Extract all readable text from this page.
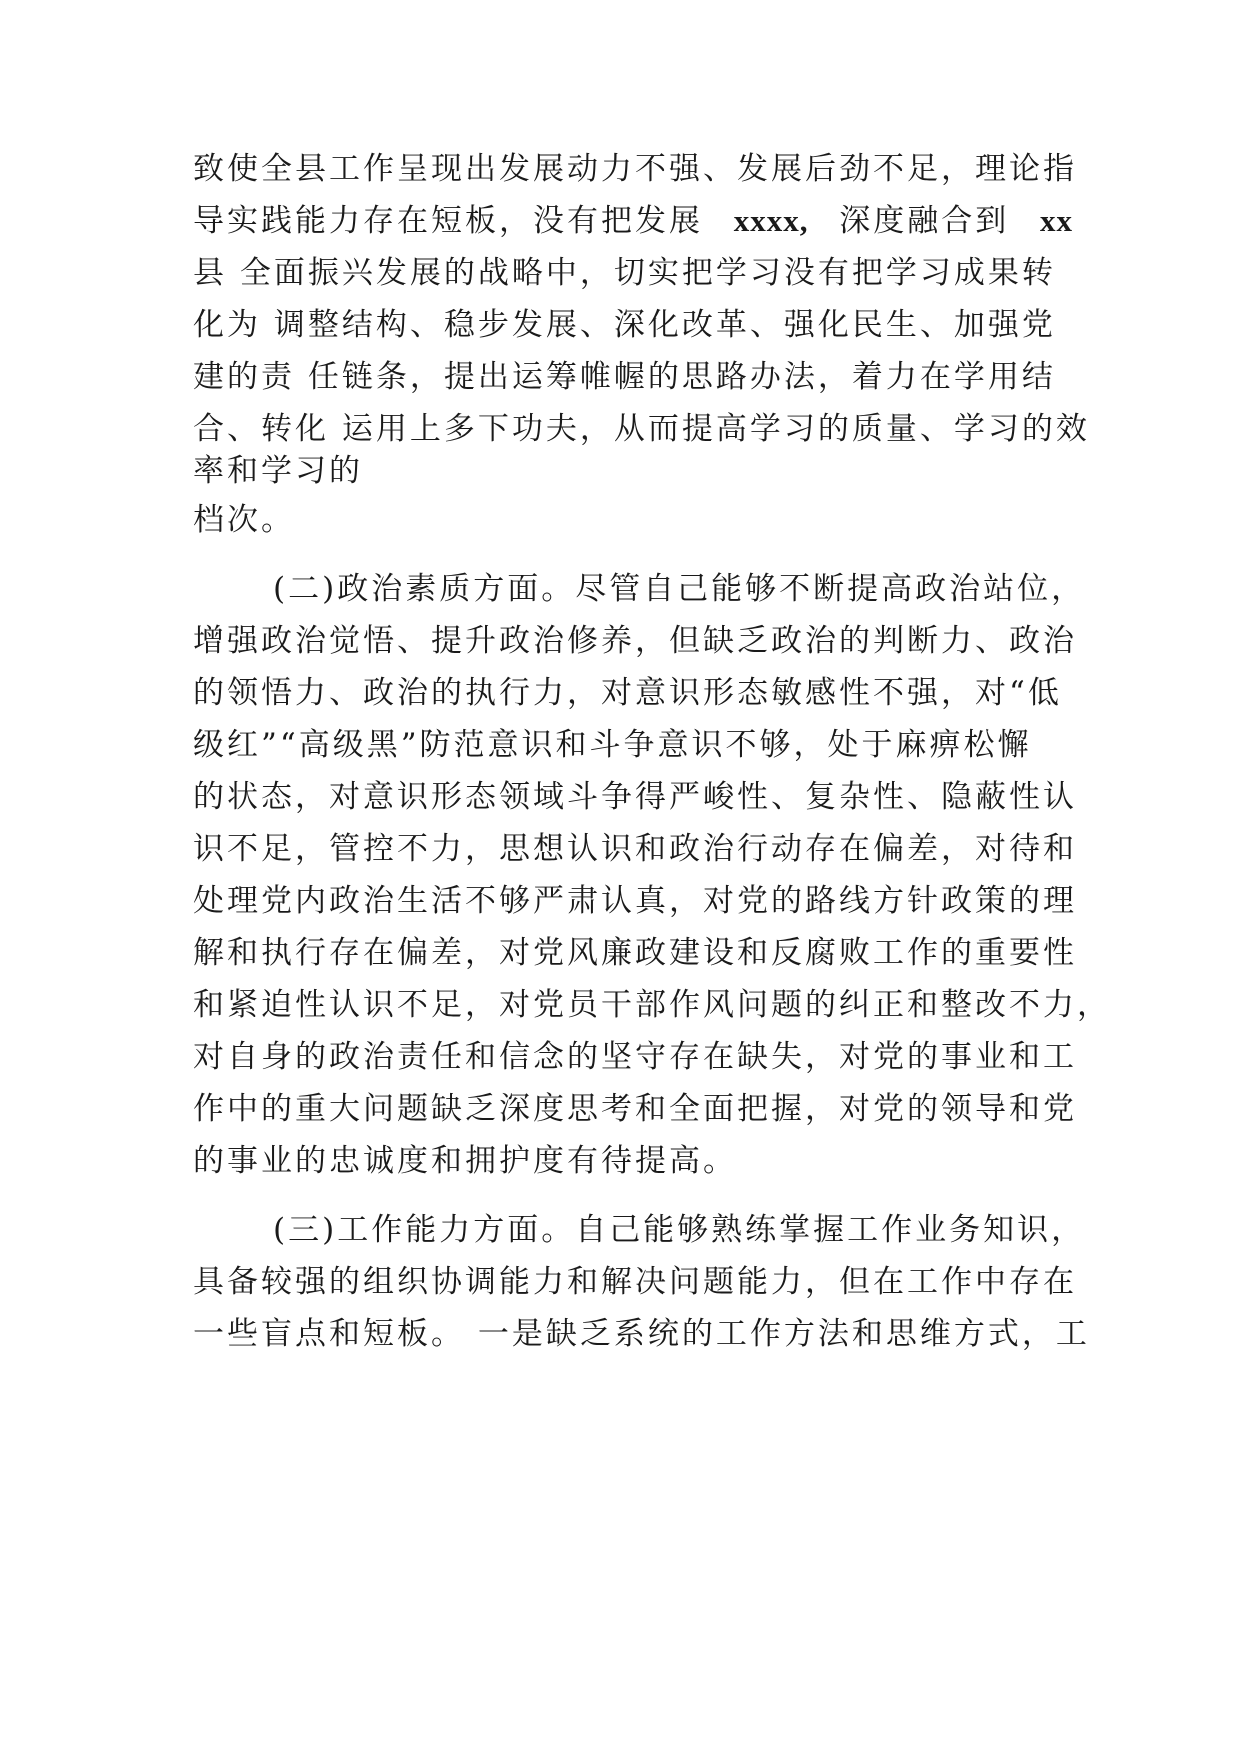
致使全县工作呈现出发展动力不强、发展后劲不足，理论指
导实践能力存在短板，没有把发展 xxxx, 深度融合到 xx
县 全面振兴发展的战略中，切实把学习没有把学习成果转
化为 调整结构、稳步发展、深化改革、强化民生、加强党
建的责 任链条，提出运筹帷幄的思路办法，着力在学用结
合、转化 运用上多下功夫，从而提高学习的质量、学习的效
率和学习的
档次。
(二)政治素质方面。尽管自己能够不断提高政治站位，
增强政治觉悟、提升政治修养，但缺乏政治的判断力、政治
的领悟力、政治的执行力，对意识形态敏感性不强，对“低
级红”“高级黑”防范意识和斗争意识不够，处于麻痹松懈
的状态，对意识形态领域斗争得严峻性、复杂性、隐蔽性认
识不足，管控不力，思想认识和政治行动存在偏差，对待和
处理党内政治生活不够严肃认真，对党的路线方针政策的理
解和执行存在偏差，对党风廉政建设和反腐败工作的重要性
和紧迫性认识不足，对党员干部作风问题的纠正和整改不力，
对自身的政治责任和信念的坚守存在缺失，对党的事业和工
作中的重大问题缺乏深度思考和全面把握，对党的领导和党
的事业的忠诚度和拥护度有待提高。
(三)工作能力方面。自己能够熟练掌握工作业务知识，
具备较强的组织协调能力和解决问题能力，但在工作中存在
一些盲点和短板。 一是缺乏系统的工作方法和思维方式，工
